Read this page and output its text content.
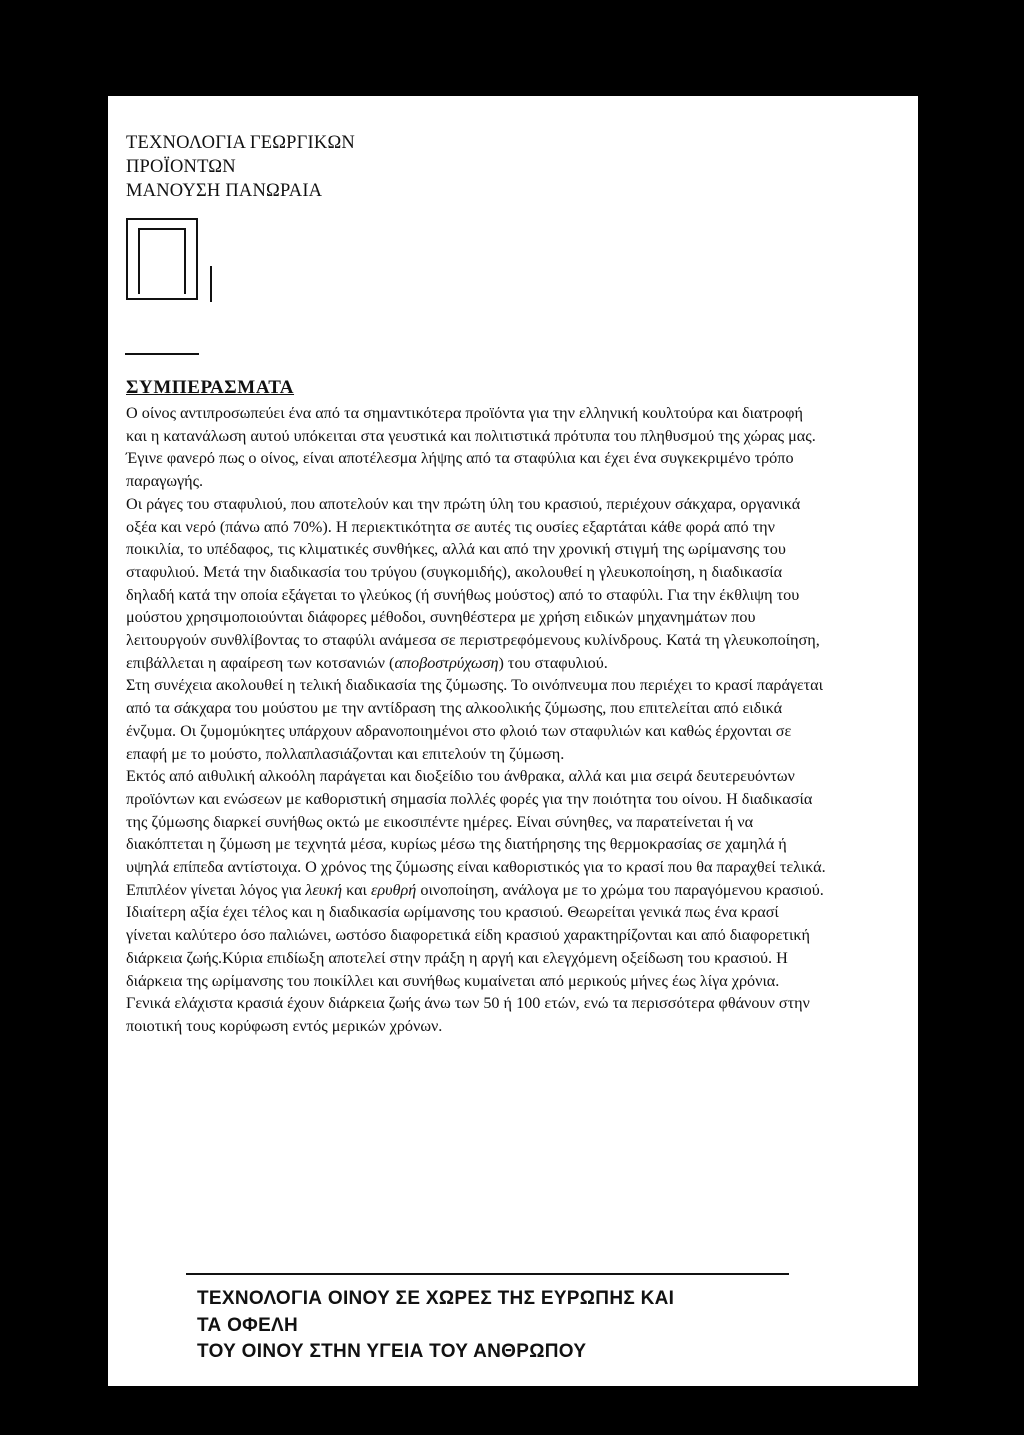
ΤΕΧΝΟΛΟΓΙΑ ΓΕΩΡΓΙΚΩΝ
ΠΡΟΪΟΝΤΩΝ
ΜΑΝΟΥΣΗ ΠΑΝΩΡΑΙΑ
ΣΥΜΠΕΡΑΣΜΑΤΑ

Ο οίνος αντιπροσωπεύει ένα από τα σημαντικότερα προϊόντα για την ελληνική κουλτούρα και διατροφή και η κατανάλωση αυτού υπόκειται στα γευστικά και πολιτιστικά πρότυπα του πληθυσμού της χώρας μας. Έγινε φανερό πως ο οίνος, είναι αποτέλεσμα λήψης από τα σταφύλια και έχει ένα συγκεκριμένο τρόπο παραγωγής.

Οι ράγες του σταφυλιού, που αποτελούν και την πρώτη ύλη του κρασιού, περιέχουν σάκχαρα, οργανικά οξέα και νερό (πάνω από 70%). Η περιεκτικότητα σε αυτές τις ουσίες εξαρτάται κάθε φορά από την ποικιλία, το υπέδαφος, τις κλιματικές συνθήκες, αλλά και από την χρονική στιγμή της ωρίμανσης του σταφυλιού. Μετά την διαδικασία του τρύγου (συγκομιδής), ακολουθεί η γλευκοποίηση, η διαδικασία δηλαδή κατά την οποία εξάγεται το γλεύκος (ή συνήθως μούστος) από το σταφύλι. Για την έκθλιψη του μούστου χρησιμοποιούνται διάφορες μέθοδοι, συνηθέστερα με χρήση ειδικών μηχανημάτων που λειτουργούν συνθλίβοντας το σταφύλι ανάμεσα σε περιστρεφόμενους κυλίνδρους. Κατά τη γλευκοποίηση, επιβάλλεται η αφαίρεση των κοτσανιών (αποβοστρύχωση) του σταφυλιού.

Στη συνέχεια ακολουθεί η τελική διαδικασία της ζύμωσης. Το οινόπνευμα που περιέχει το κρασί παράγεται από τα σάκχαρα του μούστου με την αντίδραση της αλκοολικής ζύμωσης, που επιτελείται από ειδικά ένζυμα. Οι ζυμομύκητες υπάρχουν αδρανοποιημένοι στο φλοιό των σταφυλιών και καθώς έρχονται σε επαφή με το μούστο, πολλαπλασιάζονται και επιτελούν τη ζύμωση.

Εκτός από αιθυλική αλκοόλη παράγεται και διοξείδιο του άνθρακα, αλλά και μια σειρά δευτερευόντων προϊόντων και ενώσεων με καθοριστική σημασία πολλές φορές για την ποιότητα του οίνου. Η διαδικασία της ζύμωσης διαρκεί συνήθως οκτώ με εικοσιπέντε ημέρες. Είναι σύνηθες, να παρατείνεται ή να διακόπτεται η ζύμωση με τεχνητά μέσα, κυρίως μέσω της διατήρησης της θερμοκρασίας σε χαμηλά ή υψηλά επίπεδα αντίστοιχα. Ο χρόνος της ζύμωσης είναι καθοριστικός για το κρασί που θα παραχθεί τελικά. Επιπλέον γίνεται λόγος για λευκή και ερυθρή οινοποίηση, ανάλογα με το χρώμα του παραγόμενου κρασιού.

Ιδιαίτερη αξία έχει τέλος και η διαδικασία ωρίμανσης του κρασιού. Θεωρείται γενικά πως ένα κρασί γίνεται καλύτερο όσο παλιώνει, ωστόσο διαφορετικά είδη κρασιού χαρακτηρίζονται και από διαφορετική διάρκεια ζωής.Κύρια επιδίωξη αποτελεί στην πράξη η αργή και ελεγχόμενη οξείδωση του κρασιού. Η διάρκεια της ωρίμανσης του ποικίλλει και συνήθως κυμαίνεται από μερικούς μήνες έως λίγα χρόνια. Γενικά ελάχιστα κρασιά έχουν διάρκεια ζωής άνω των 50 ή 100 ετών, ενώ τα περισσότερα φθάνουν στην ποιοτική τους κορύφωση εντός μερικών χρόνων.

ΤΕΧΝΟΛΟΓΙΑ ΟΙΝΟΥ ΣΕ ΧΩΡΕΣ ΤΗΣ ΕΥΡΩΠΗΣ ΚΑΙ
ΤΑ ΟΦΕΛΗ
ΤΟΥ ΟΙΝΟΥ ΣΤΗΝ ΥΓΕΙΑ ΤΟΥ ΑΝΘΡΩΠΟΥ
